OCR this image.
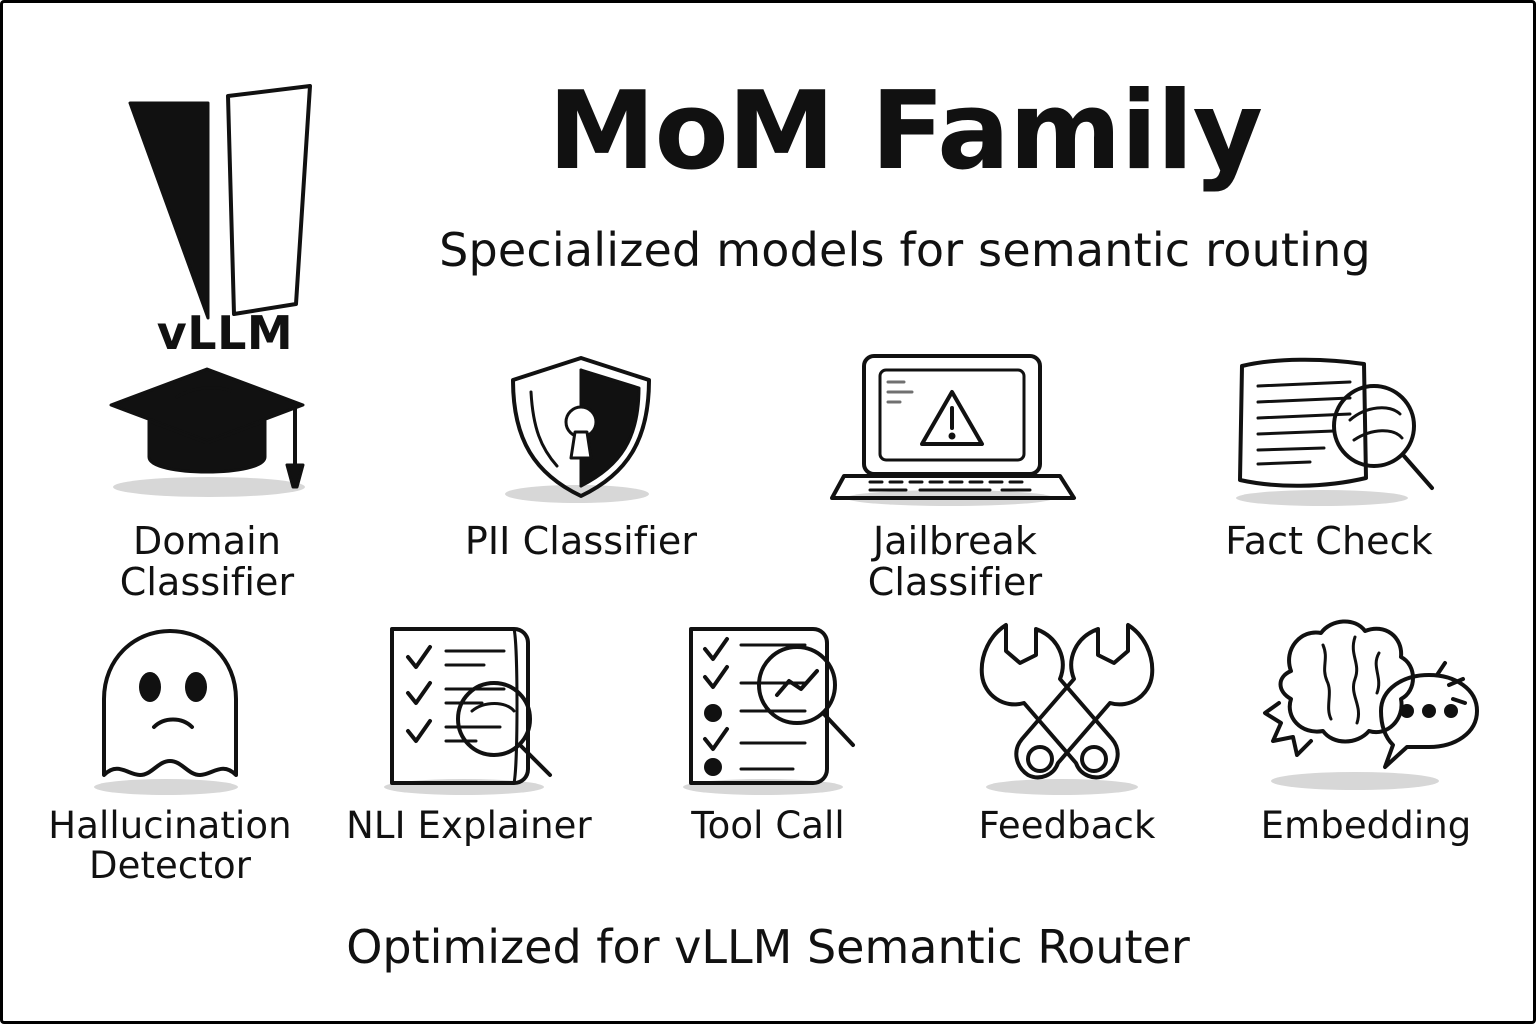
vLLM
MoM Family
Specialized models for semantic routing
Domain Classifier
PII Classifier	Jailbreak Classifier
Fact Check
Hallucination Detector
NLI Explainer	Tool Call	Feedback	Embedding
Optimized for vLLM Semantic Router
